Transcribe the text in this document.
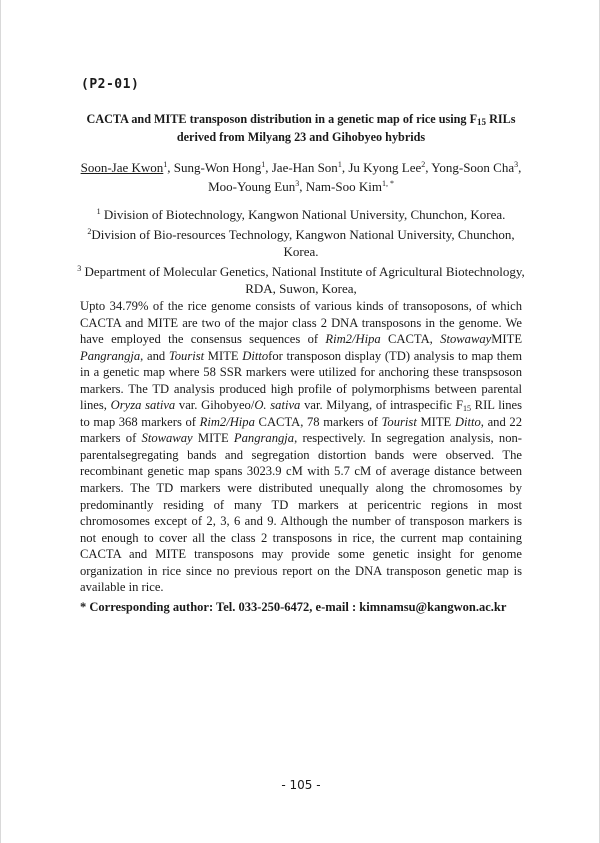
(P2-01)
CACTA and MITE transposon distribution in a genetic map of rice using $F_{15}$ RILs
derived from Milyang 23 and Gihobyeo hybrids
Soon-Jae Kwon$^1$, Sung-Won Hong$^1$, Jae-Han Son$^1$, Ju Kyong Lee$^2$, Yong-Soon Cha$^3$,
Moo-Young Eun$^3$, Nam-Soo Kim$^{1, *}$

$^1$ Division of Biotechnology, Kangwon National University, Chunchon, Korea.

$^2$Division of Bio-resources Technology, Kangwon National University, Chunchon, Korea.

$^3$ Department of Molecular Genetics, National Institute of Agricultural Biotechnology, RDA, Suwon, Korea,

Upto 34.79% of the rice genome consists of various kinds of transoposons, of which CACTA and MITE are two of the major class 2 DNA transposons in the genome. We have employed the consensus sequences of Rim2/Hipa CACTA, StowawayMITE Pangrangja, and Tourist MITE Dittofor transposon display (TD) analysis to map them in a genetic map where 58 SSR markers were utilized for anchoring these transpsoson markers. The TD analysis produced high profile of polymorphisms between parental lines, Oryza sativa var. Gihobyeo/O. sativa var. Milyang, of intraspecific $F_{15}$ RIL lines to map 368 markers of Rim2/Hipa CACTA, 78 markers of Tourist MITE Ditto, and 22 markers of Stowaway MITE Pangrangja, respectively. In segregation analysis, non-parentalsegregating bands and segregation distortion bands were observed. The recombinant genetic map spans 3023.9 cM with 5.7 cM of average distance between markers. The TD markers were distributed unequally along the chromosomes by predominantly residing of many TD markers at pericentric regions in most chromosomes except of 2, 3, 6 and 9. Although the number of transposon markers is not enough to cover all the class 2 transposons in rice, the current map containing CACTA and MITE transposons may provide some genetic insight for genome organization in rice since no previous report on the DNA transposon genetic map is available in rice.

* Corresponding author: Tel. 033-250-6472, e-mail : kimnamsu@kangwon.ac.kr
- 105 -
